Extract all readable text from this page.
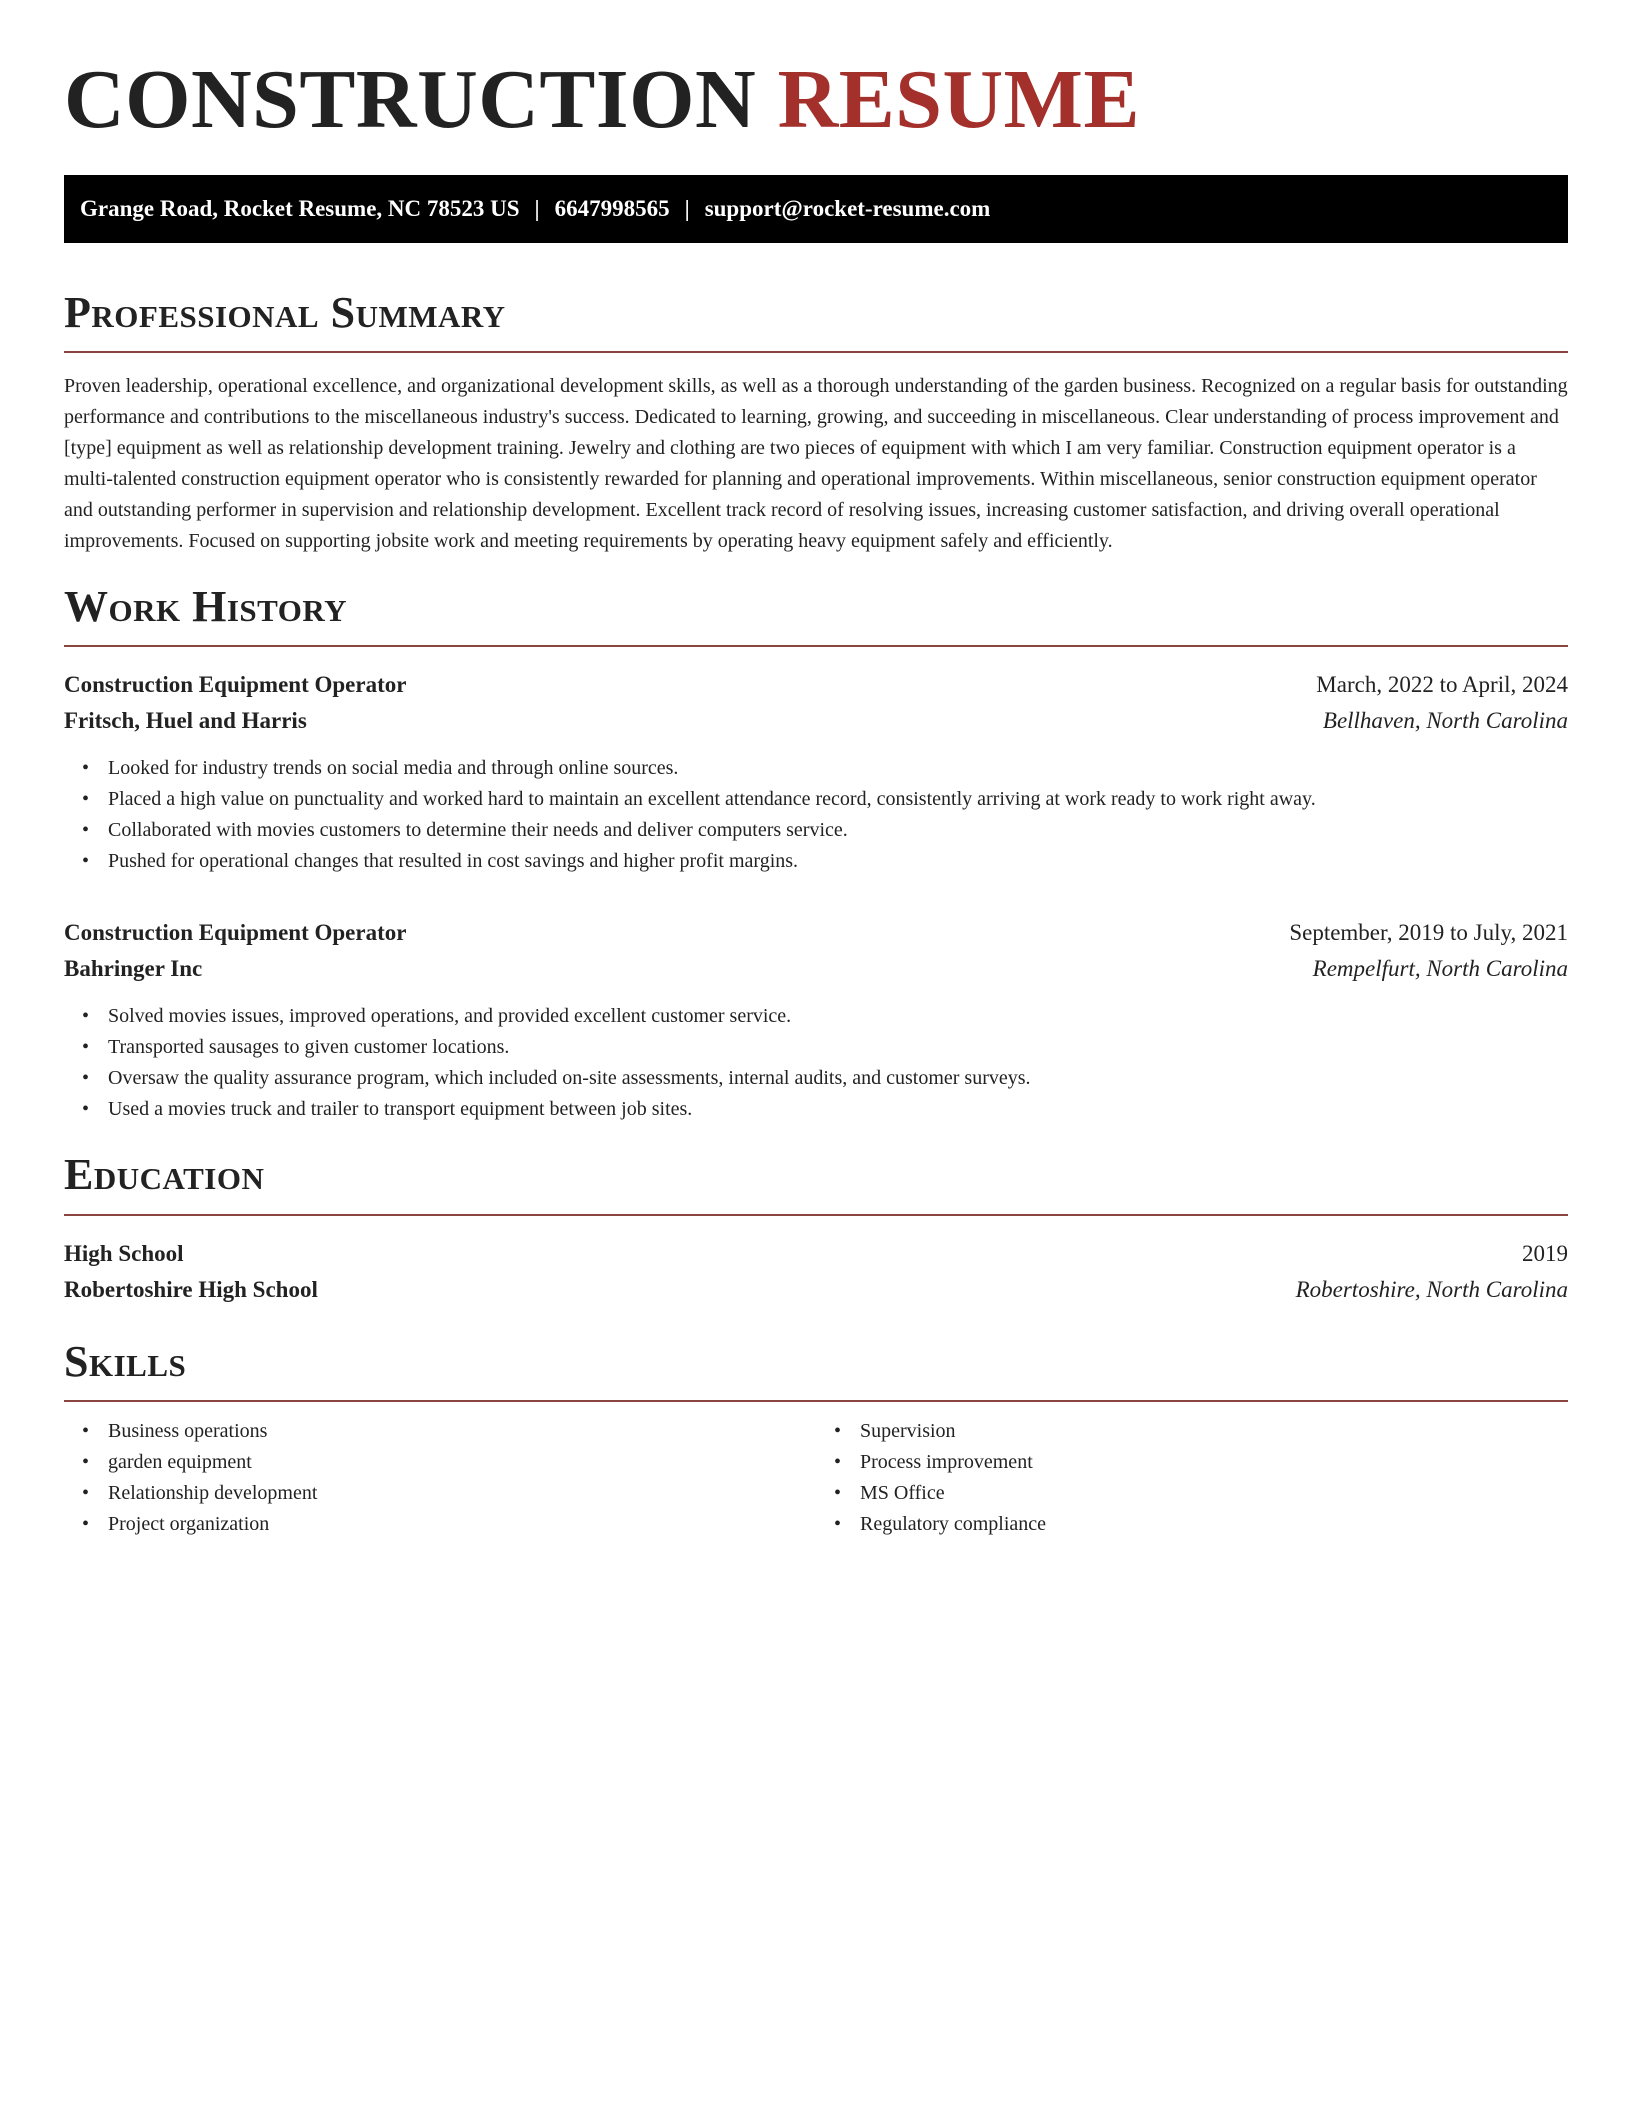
CONSTRUCTION RESUME
Grange Road, Rocket Resume, NC 78523 US | 6647998565 | support@rocket-resume.com
Professional Summary

Proven leadership, operational excellence, and organizational development skills, as well as a thorough understanding of the garden business. Recognized on a regular basis for outstanding performance and contributions to the miscellaneous industry's success. Dedicated to learning, growing, and succeeding in miscellaneous. Clear understanding of process improvement and [type] equipment as well as relationship development training. Jewelry and clothing are two pieces of equipment with which I am very familiar. Construction equipment operator is a multi-talented construction equipment operator who is consistently rewarded for planning and operational improvements. Within miscellaneous, senior construction equipment operator and outstanding performer in supervision and relationship development. Excellent track record of resolving issues, increasing customer satisfaction, and driving overall operational improvements. Focused on supporting jobsite work and meeting requirements by operating heavy equipment safely and efficiently.

Work History
Construction Equipment Operator	March, 2022 to April, 2024
Fritsch, Huel and Harris	Bellhaven, North Carolina
• Looked for industry trends on social media and through online sources.
• Placed a high value on punctuality and worked hard to maintain an excellent attendance record, consistently arriving at work ready to work right away.
• Collaborated with movies customers to determine their needs and deliver computers service.
• Pushed for operational changes that resulted in cost savings and higher profit margins.
Construction Equipment Operator	September, 2019 to July, 2021
Bahringer Inc	Rempelfurt, North Carolina
• Solved movies issues, improved operations, and provided excellent customer service.
• Transported sausages to given customer locations.
• Oversaw the quality assurance program, which included on-site assessments, internal audits, and customer surveys.
• Used a movies truck and trailer to transport equipment between job sites.
Education
High School	2019
Robertoshire High School	Robertoshire, North Carolina
Skills
• Business operations
• garden equipment
• Relationship development
• Project organization
• Supervision
• Process improvement
• MS Office
• Regulatory compliance
